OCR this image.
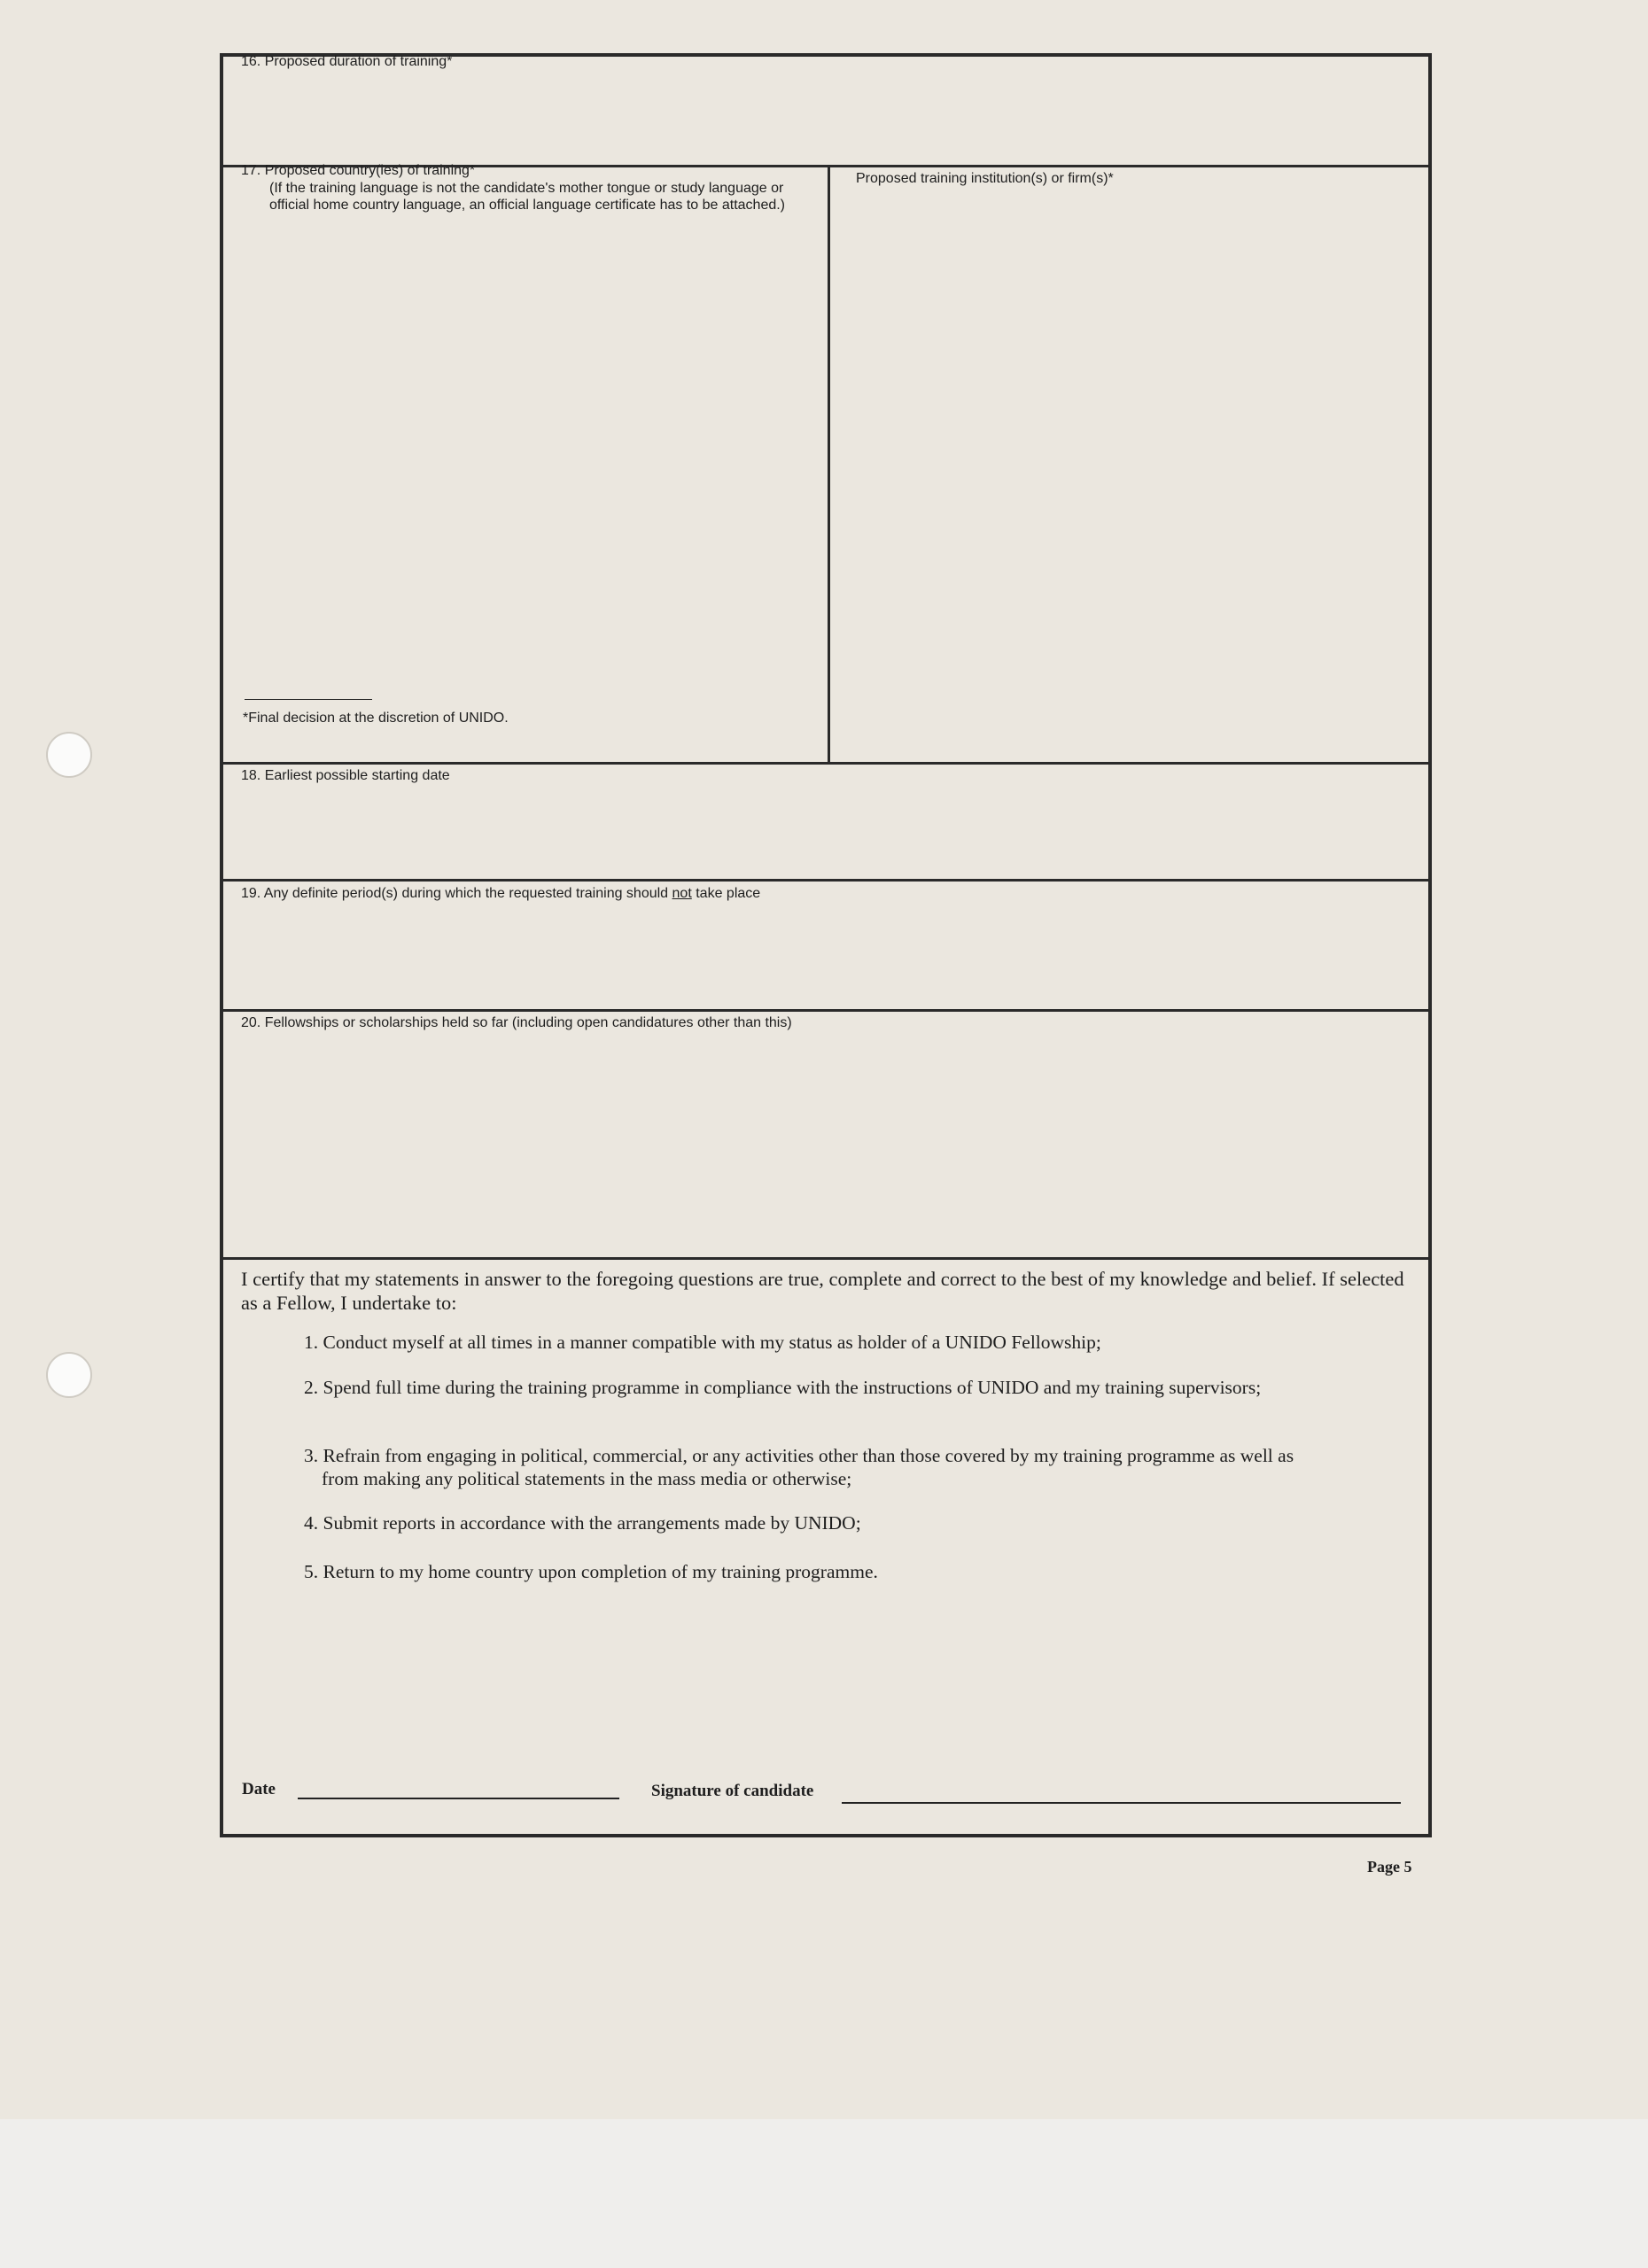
16. Proposed duration of training*
17. Proposed country(ies) of training*
(If the training language is not the candidate's mother tongue or study language or official home country language, an official language certificate has to be attached.)
*Final decision at the discretion of UNIDO.
Proposed training institution(s) or firm(s)*
18. Earliest possible starting date
19. Any definite period(s) during which the requested training should not take place
20. Fellowships or scholarships held so far (including open candidatures other than this)
I certify that my statements in answer to the foregoing questions are true, complete and correct to the best of my knowledge and belief. If selected as a Fellow, I undertake to:
1. Conduct myself at all times in a manner compatible with my status as holder of a UNIDO Fellowship;
2. Spend full time during the training programme in compliance with the instructions of UNIDO and my training supervisors;
3. Refrain from engaging in political, commercial, or any activities other than those covered by my training programme as well as from making any political statements in the mass media or otherwise;
4. Submit reports in accordance with the arrangements made by UNIDO;
5. Return to my home country upon completion of my training programme.
Date	Signature of candidate
Page 5
